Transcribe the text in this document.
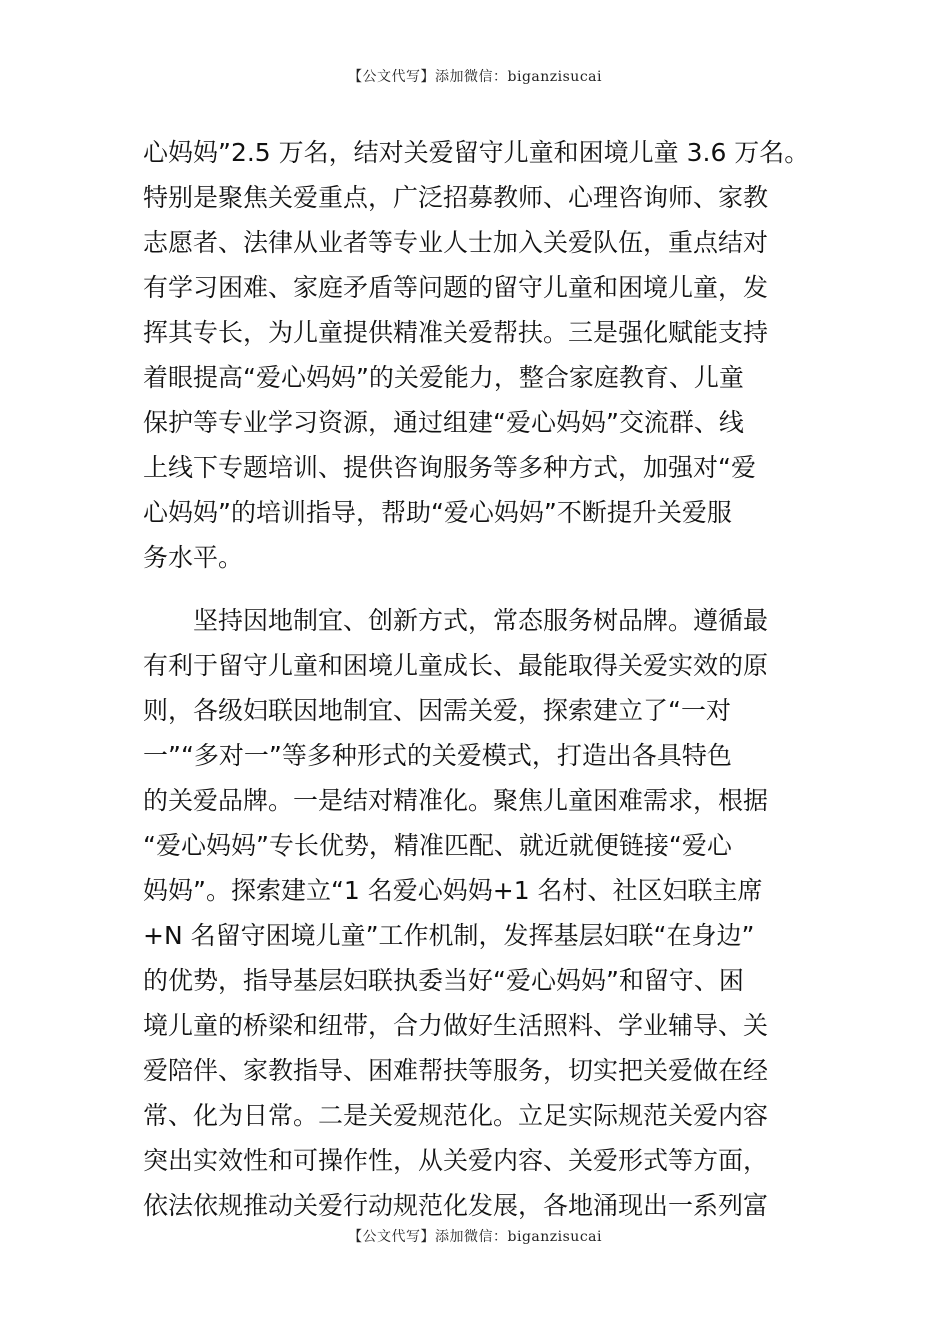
【公文代写】添加微信：biganzisucai
心妈妈”2.5 万名，结对关爱留守儿童和困境儿童 3.6 万名。
特别是聚焦关爱重点，广泛招募教师、心理咨询师、家教
志愿者、法律从业者等专业人士加入关爱队伍，重点结对
有学习困难、家庭矛盾等问题的留守儿童和困境儿童，发
挥其专长，为儿童提供精准关爱帮扶。三是强化赋能支持
着眼提高“爱心妈妈”的关爱能力，整合家庭教育、儿童
保护等专业学习资源，通过组建“爱心妈妈”交流群、线
上线下专题培训、提供咨询服务等多种方式，加强对“爱
心妈妈”的培训指导，帮助“爱心妈妈”不断提升关爱服
务水平。
　　坚持因地制宜、创新方式，常态服务树品牌。遵循最
有利于留守儿童和困境儿童成长、最能取得关爱实效的原
则，各级妇联因地制宜、因需关爱，探索建立了“一对
一”“多对一”等多种形式的关爱模式，打造出各具特色
的关爱品牌。一是结对精准化。聚焦儿童困难需求，根据
“爱心妈妈”专长优势，精准匹配、就近就便链接“爱心
妈妈”。探索建立“1 名爱心妈妈+1 名村、社区妇联主席
+N 名留守困境儿童”工作机制，发挥基层妇联“在身边”
的优势，指导基层妇联执委当好“爱心妈妈”和留守、困
境儿童的桥梁和纽带，合力做好生活照料、学业辅导、关
爱陪伴、家教指导、困难帮扶等服务，切实把关爱做在经
常、化为日常。二是关爱规范化。立足实际规范关爱内容
突出实效性和可操作性，从关爱内容、关爱形式等方面，
依法依规推动关爱行动规范化发展，各地涌现出一系列富
【公文代写】添加微信：biganzisucai
